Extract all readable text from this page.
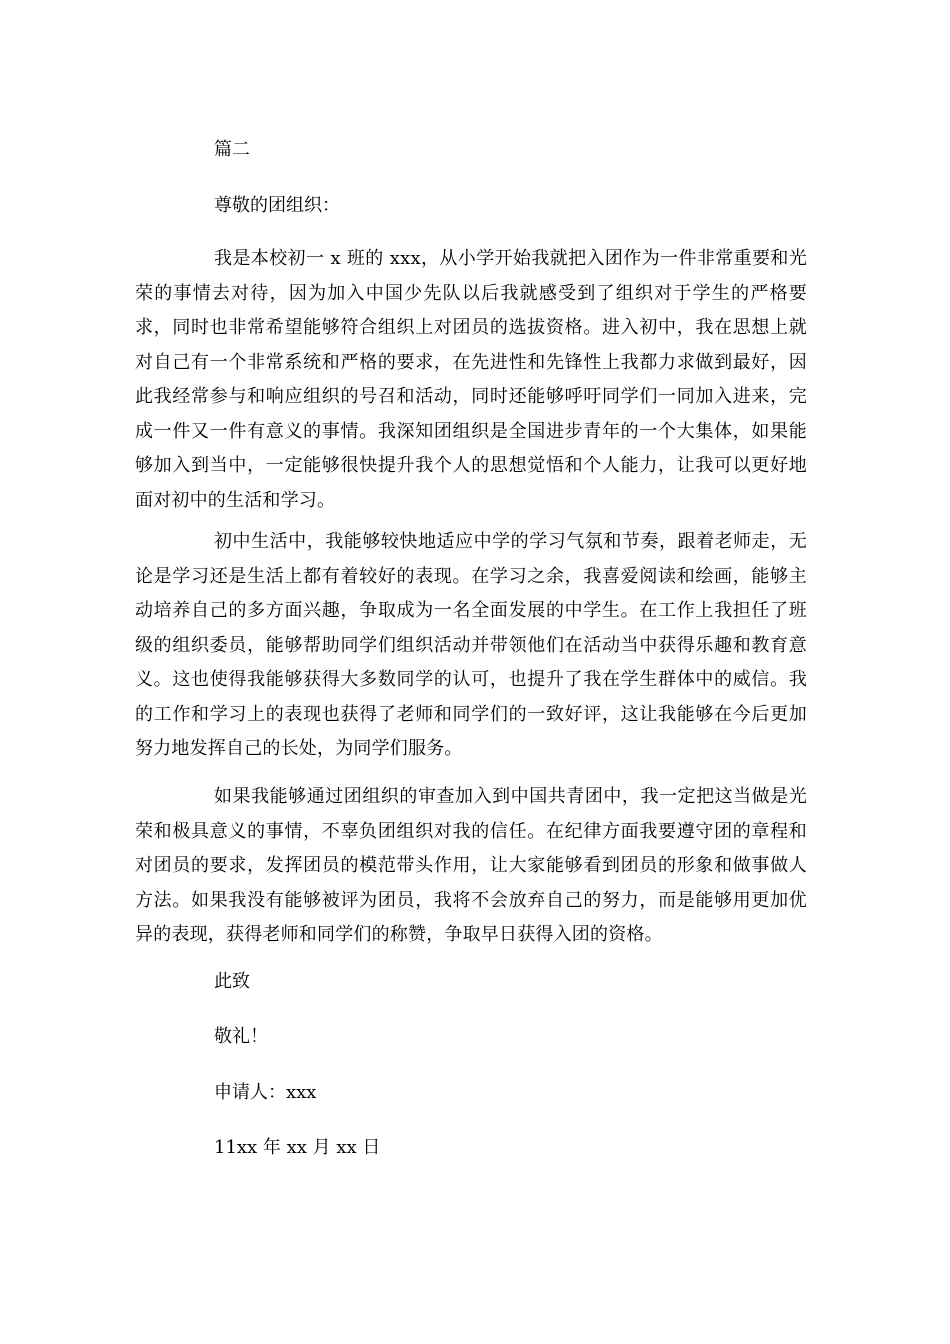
篇二
尊敬的团组织：
我是本校初一 x 班的 xxx，从小学开始我就把入团作为一件非常重要和光荣的事情去对待，因为加入中国少先队以后我就感受到了组织对于学生的严格要求，同时也非常希望能够符合组织上对团员的选拔资格。进入初中，我在思想上就对自己有一个非常系统和严格的要求，在先进性和先锋性上我都力求做到最好，因此我经常参与和响应组织的号召和活动，同时还能够呼吁同学们一同加入进来，完成一件又一件有意义的事情。我深知团组织是全国进步青年的一个大集体，如果能够加入到当中，一定能够很快提升我个人的思想觉悟和个人能力，让我可以更好地面对初中的生活和学习。
初中生活中，我能够较快地适应中学的学习气氛和节奏，跟着老师走，无论是学习还是生活上都有着较好的表现。在学习之余，我喜爱阅读和绘画，能够主动培养自己的多方面兴趣，争取成为一名全面发展的中学生。在工作上我担任了班级的组织委员，能够帮助同学们组织活动并带领他们在活动当中获得乐趣和教育意义。这也使得我能够获得大多数同学的认可，也提升了我在学生群体中的威信。我的工作和学习上的表现也获得了老师和同学们的一致好评，这让我能够在今后更加努力地发挥自己的长处，为同学们服务。
如果我能够通过团组织的审查加入到中国共青团中，我一定把这当做是光荣和极具意义的事情，不辜负团组织对我的信任。在纪律方面我要遵守团的章程和对团员的要求，发挥团员的模范带头作用，让大家能够看到团员的形象和做事做人方法。如果我没有能够被评为团员，我将不会放弃自己的努力，而是能够用更加优异的表现，获得老师和同学们的称赞，争取早日获得入团的资格。
此致
敬礼！
申请人：xxx
11xx 年 xx 月 xx 日
